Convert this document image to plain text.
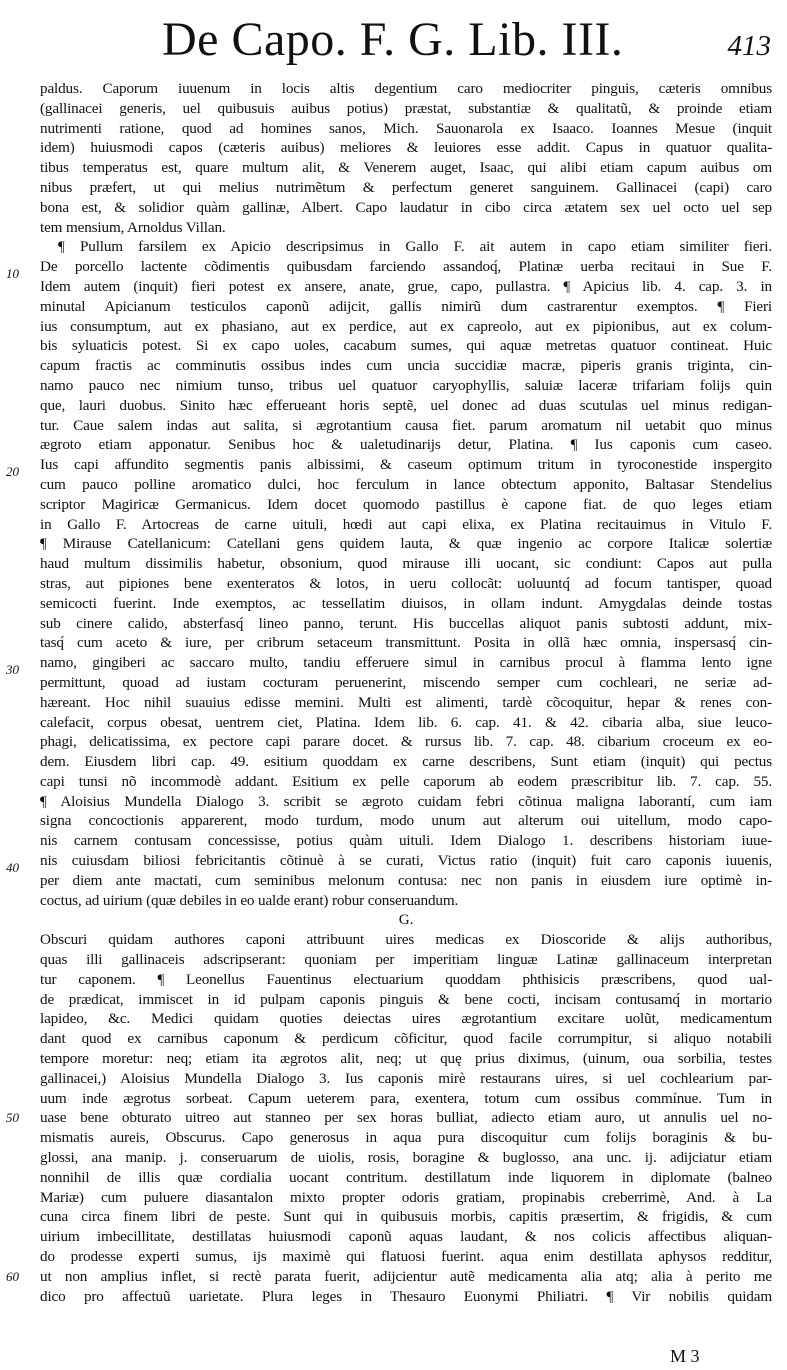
De Capo. F. G. Lib. III.	413
10
20
30
40
50
60
paldus. Caporum iuuenum in locis altis degentium caro mediocriter pinguis, cæteris omnibus
(gallinacei generis, uel quibusuis auibus potius) præstat, substantiæ & qualitatũ, & proinde etiam
nutrimenti ratione, quod ad homines sanos, Mich. Sauonarola ex Isaaco. Ioannes Mesue (inquit
idem) huiusmodi capos (cæteris auibus) meliores & leuiores esse addit. Capus in quatuor qualita-
tibus temperatus est, quare multum alit, & Venerem auget, Isaac, qui alibi etiam capum auibus om
nibus præfert, ut qui melius nutrimẽtum & perfectum generet sanguinem. Gallinacei (capi) caro
bona est, & solidior quàm gallinæ, Albert. Capo laudatur in cibo circa ætatem sex uel octo uel sep
tem mensium, Arnoldus Villan.
¶ Pullum farsilem ex Apicio descripsimus in Gallo F. ait autem in capo etiam similiter fieri.
De porcello lactente cõdimentis quibusdam farciendo assandoq́, Platinæ uerba recitaui in Sue F.
Idem autem (inquit) fieri potest ex ansere, anate, grue, capo, pullastra. ¶ Apicius lib. 4. cap. 3. in
minutal Apicianum testiculos caponũ adijcit, gallis nimirũ dum castrarentur exemptos. ¶ Fieri
ius consumptum, aut ex phasiano, aut ex perdice, aut ex capreolo, aut ex pipionibus, aut ex colum-
bis syluaticis potest. Si ex capo uoles, cacabum sumes, qui aquæ metretas quatuor contineat. Huic
capum fractis ac comminutis ossibus indes cum uncia succidiæ macræ, piperis granis triginta, cin-
namo pauco nec nimium tunso, tribus uel quatuor caryophyllis, saluiæ laceræ trifariam folijs quin
que, lauri duobus. Sinito hæc efferueant horis septẽ, uel donec ad duas scutulas uel minus redigan-
tur. Caue salem indas aut salita, si ægrotantium causa fiet. parum aromatum nil uetabit quo minus
ægroto etiam apponatur. Senibus hoc & ualetudinarijs detur, Platina. ¶ Ius caponis cum caseo.
Ius capi affundito segmentis panis albissimi, & caseum optimum tritum in tyroconestide inspergito
cum pauco polline aromatico dulci, hoc ferculum in lance obtectum apponito, Baltasar Stendelius
scriptor Magiricæ Germanicus. Idem docet quomodo pastillus è capone fiat. de quo leges etiam
in Gallo F. Artocreas de carne uituli, hœdi aut capi elixa, ex Platina recitauimus in Vitulo F.
¶ Mirause Catellanicum: Catellani gens quidem lauta, & quæ ingenio ac corpore Italicæ solertiæ
haud multum dissimilis habetur, obsonium, quod mirause illi uocant, sic condiunt: Capos aut pulla
stras, aut pipiones bene exenteratos & lotos, in ueru collocãt: uoluuntq́ ad focum tantisper, quoad
semicocti fuerint. Inde exemptos, ac tessellatim diuisos, in ollam indunt. Amygdalas deinde tostas
sub cinere calido, absterfasq́ lineo panno, terunt. His buccellas aliquot panis subtosti addunt, mix-
tasq́ cum aceto & iure, per cribrum setaceum transmittunt. Posita in ollã hæc omnia, inspersasq́ cin-
namo, gingiberi ac saccaro multo, tandiu efferuere simul in carnibus procul à flamma lento igne
permittunt, quoad ad iustam cocturam peruenerint, miscendo semper cum cochleari, ne seriæ ad-
hæreant. Hoc nihil suauius edisse memini. Multi est alimenti, tardè cõcoquitur, hepar & renes con-
calefacit, corpus obesat, uentrem ciet, Platina. Idem lib. 6. cap. 41. & 42. cibaria alba, siue leuco-
phagi, delicatissima, ex pectore capi parare docet. & rursus lib. 7. cap. 48. cibarium croceum ex eo-
dem. Eiusdem libri cap. 49. esitium quoddam ex carne describens, Sunt etiam (inquit) qui pectus
capi tunsi nõ incommodè addant. Esitium ex pelle caporum ab eodem præscribitur lib. 7. cap. 55.
¶ Aloisius Mundella Dialogo 3. scribit se ægroto cuidam febri cõtinua maligna laborantí, cum iam
signa concoctionis apparerent, modo turdum, modo unum aut alterum oui uitellum, modo capo-
nis carnem contusam concessisse, potius quàm uituli. Idem Dialogo 1. describens historiam iuue-
nis cuiusdam biliosi febricitantis cõtinuè à se curati, Victus ratio (inquit) fuit caro caponis iuuenis,
per diem ante mactati, cum seminibus melonum contusa: nec non panis in eiusdem iure optimè in-
coctus, ad uirium (quæ debiles in eo ualde erant) robur conseruandum.
G.
Obscuri quidam authores caponi attribuunt uires medicas ex Dioscoride & alijs authoribus,
quas illi gallinaceis adscripserant: quoniam per imperitiam linguæ Latinæ gallinaceum interpretan
tur caponem. ¶ Leonellus Fauentinus electuarium quoddam phthisicis præscribens, quod ual-
de prædicat, immiscet in id pulpam caponis pinguis & bene cocti, incisam contusamq́ in mortario
lapideo, &c. Medici quidam quoties deiectas uires ægrotantium excitare uolũt, medicamentum
dant quod ex carnibus caponum & perdicum cõficitur, quod facile corrumpitur, si aliquo notabili
tempore moretur: neq; etiam ita ægrotos alit, neq; ut quę prius diximus, (uinum, oua sorbilia, testes
gallinacei,) Aloisius Mundella Dialogo 3. Ius caponis mirè restaurans uires, si uel cochlearium par-
uum inde ægrotus sorbeat. Capum ueterem para, exentera, totum cum ossibus commínue. Tum in
uase bene obturato uitreo aut stanneo per sex horas bulliat, adiecto etiam auro, ut annulis uel no-
mismatis aureis, Obscurus. Capo generosus in aqua pura discoquitur cum folijs boraginis & bu-
glossi, ana manip. j. conseruarum de uiolis, rosis, boragine & buglosso, ana unc. ij. adijciatur etiam
nonnihil de illis quæ cordialia uocant contritum. destillatum inde liquorem in diplomate (balneo
Mariæ) cum puluere diasantalon mixto propter odoris gratiam, propinabis creberrimè, And. à La
cuna circa finem libri de peste. Sunt qui in quibusuis morbis, capitis præsertim, & frigidis, & cum
uirium imbecillitate, destillatas huiusmodi caponũ aquas laudant, & nos colicis affectibus aliquan-
do prodesse experti sumus, ijs maximè qui flatuosi fuerint. aqua enim destillata aphysos redditur,
ut non amplius inflet, si rectè parata fuerit, adijcientur autẽ medicamenta alia atq; alia à perito me
dico pro affectuũ uarietate. Plura leges in Thesauro Euonymi Philiatri. ¶ Vir nobilis quidam
M 3
